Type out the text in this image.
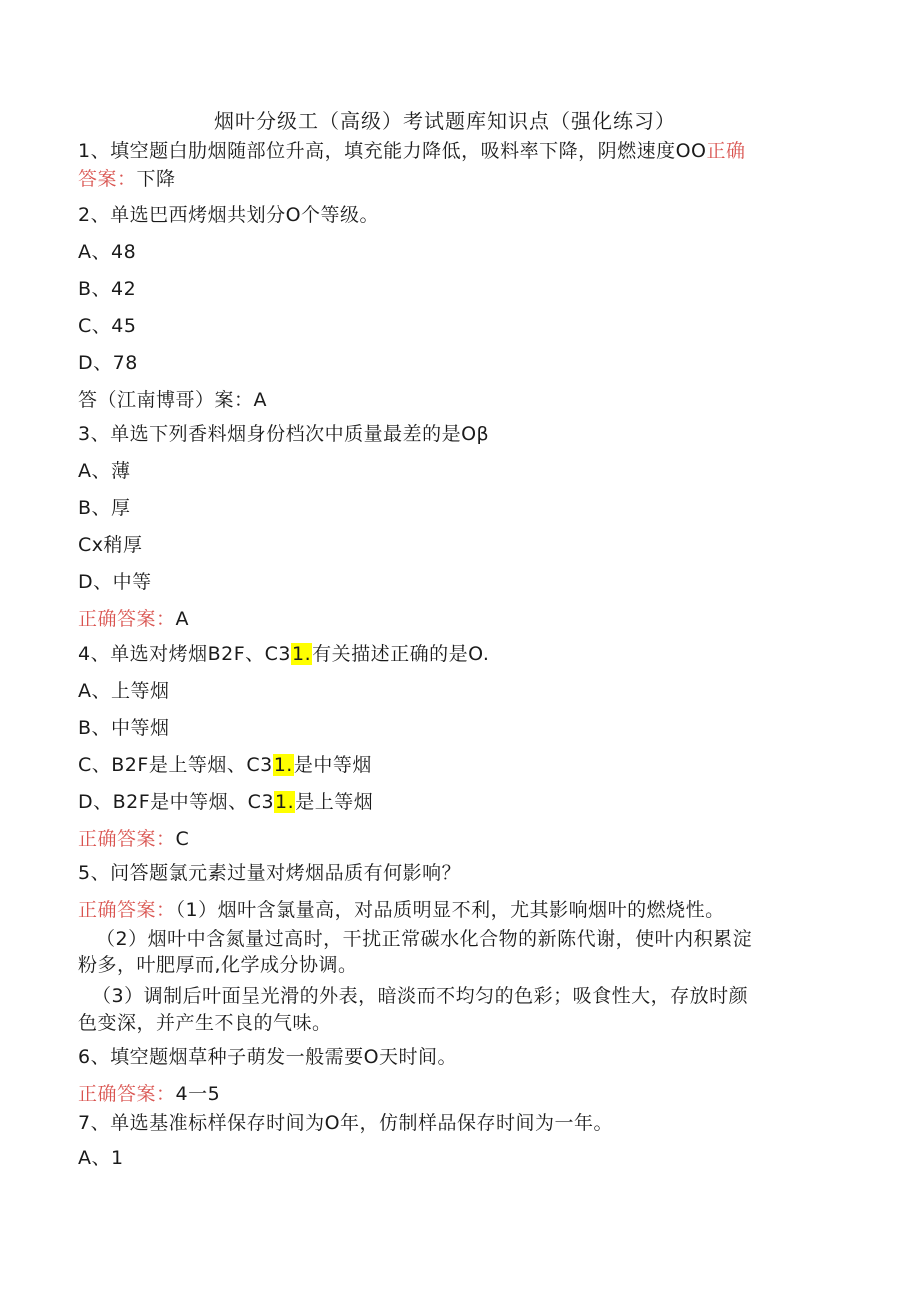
烟叶分级工（高级）考试题库知识点（强化练习）
1、填空题白肋烟随部位升高，填充能力降低，吸料率下降，阴燃速度OO正确
答案：下降
2、单选巴西烤烟共划分O个等级。
A、48
B、42
C、45
D、78
答（江南博哥）案：A
3、单选下列香料烟身份档次中质量最差的是Oβ
A、薄
B、厚
Cx稍厚
D、中等
正确答案：A
4、单选对烤烟B2F、C31.有关描述正确的是O.
A、上等烟
B、中等烟
C、B2F是上等烟、C31.是中等烟
D、B2F是中等烟、C31.是上等烟
正确答案：C
5、问答题氯元素过量对烤烟品质有何影响？
正确答案：（1）烟叶含氯量高，对品质明显不利，尤其影响烟叶的燃烧性。
（2）烟叶中含氮量过高时，干扰正常碳水化合物的新陈代谢，使叶内积累淀
粉多，叶肥厚而,化学成分协调。
（3）调制后叶面呈光滑的外表，暗淡而不均匀的色彩；吸食性大，存放时颜
色变深，并产生不良的气味。
6、填空题烟草种子萌发一般需要O天时间。
正确答案：4一5
7、单选基准标样保存时间为O年，仿制样品保存时间为一年。
A、1
